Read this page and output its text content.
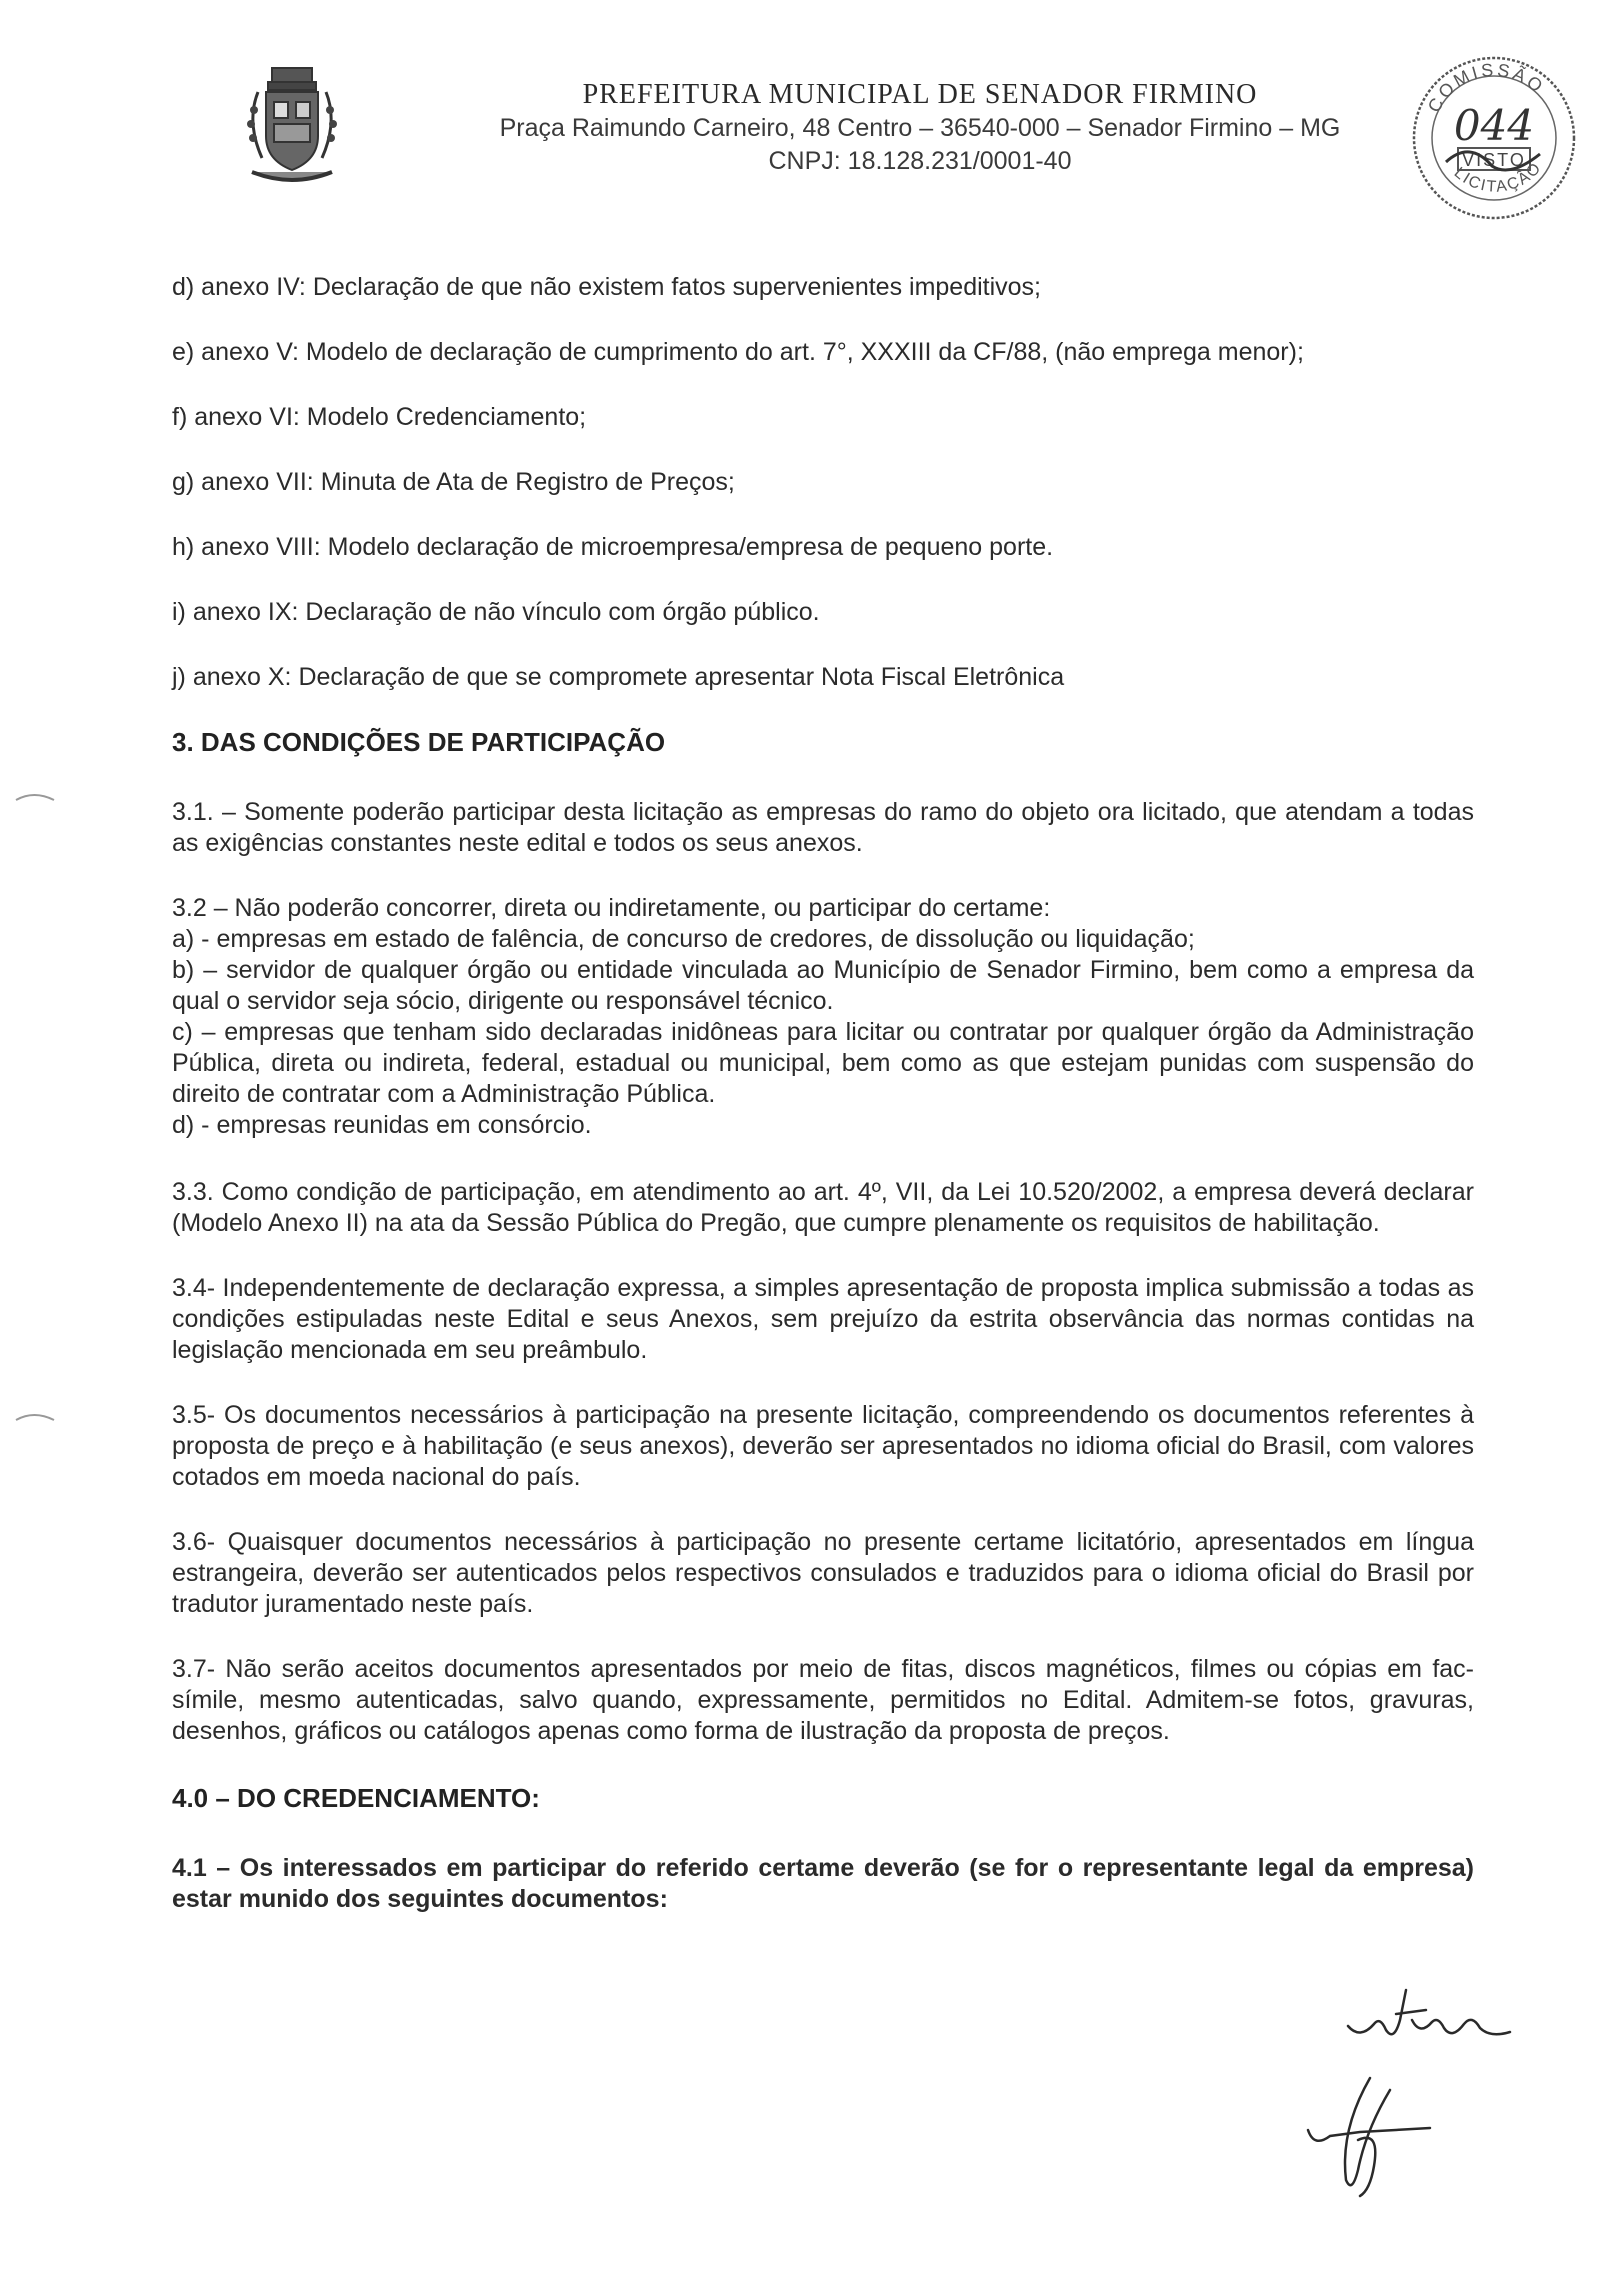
PREFEITURA MUNICIPAL DE SENADOR FIRMINO
Praça Raimundo Carneiro, 48 Centro – 36540-000 – Senador Firmino – MG
CNPJ: 18.128.231/0001-40
COMISSÃO
LICITAÇÃO
044
VISTO

d) anexo IV: Declaração de que não existem fatos supervenientes impeditivos;

e) anexo V: Modelo de declaração de cumprimento do art. 7°, XXXIII da CF/88, (não emprega menor);

f) anexo VI: Modelo Credenciamento;

g) anexo VII: Minuta de Ata de Registro de Preços;

h) anexo VIII: Modelo declaração de microempresa/empresa de pequeno porte.

i) anexo IX: Declaração de não vínculo com órgão público.

j) anexo X: Declaração de que se compromete apresentar Nota Fiscal Eletrônica

3. DAS CONDIÇÕES DE PARTICIPAÇÃO

3.1. – Somente poderão participar desta licitação as empresas do ramo do objeto ora licitado, que atendam a todas as exigências constantes neste edital e todos os seus anexos.

3.2 – Não poderão concorrer, direta ou indiretamente, ou participar do certame:

a) - empresas em estado de falência, de concurso de credores, de dissolução ou liquidação;

b) – servidor de qualquer órgão ou entidade vinculada ao Município de Senador Firmino, bem como a empresa da qual o servidor seja sócio, dirigente ou responsável técnico.

c) – empresas que tenham sido declaradas inidôneas para licitar ou contratar por qualquer órgão da Administração Pública, direta ou indireta, federal, estadual ou municipal, bem como as que estejam punidas com suspensão do direito de contratar com a Administração Pública.

d) - empresas reunidas em consórcio.

3.3. Como condição de participação, em atendimento ao art. 4º, VII, da Lei 10.520/2002, a empresa deverá declarar (Modelo Anexo II) na ata da Sessão Pública do Pregão, que cumpre plenamente os requisitos de habilitação.

3.4- Independentemente de declaração expressa, a simples apresentação de proposta implica submissão a todas as condições estipuladas neste Edital e seus Anexos, sem prejuízo da estrita observância das normas contidas na legislação mencionada em seu preâmbulo.

3.5- Os documentos necessários à participação na presente licitação, compreendendo os documentos referentes à proposta de preço e à habilitação (e seus anexos), deverão ser apresentados no idioma oficial do Brasil, com valores cotados em moeda nacional do país.

3.6- Quaisquer documentos necessários à participação no presente certame licitatório, apresentados em língua estrangeira, deverão ser autenticados pelos respectivos consulados e traduzidos para o idioma oficial do Brasil por tradutor juramentado neste país.

3.7- Não serão aceitos documentos apresentados por meio de fitas, discos magnéticos, filmes ou cópias em fac-símile, mesmo autenticadas, salvo quando, expressamente, permitidos no Edital. Admitem-se fotos, gravuras, desenhos, gráficos ou catálogos apenas como forma de ilustração da proposta de preços.

4.0 – DO CREDENCIAMENTO:

4.1 – Os interessados em participar do referido certame deverão (se for o representante legal da empresa) estar munido dos seguintes documentos:
